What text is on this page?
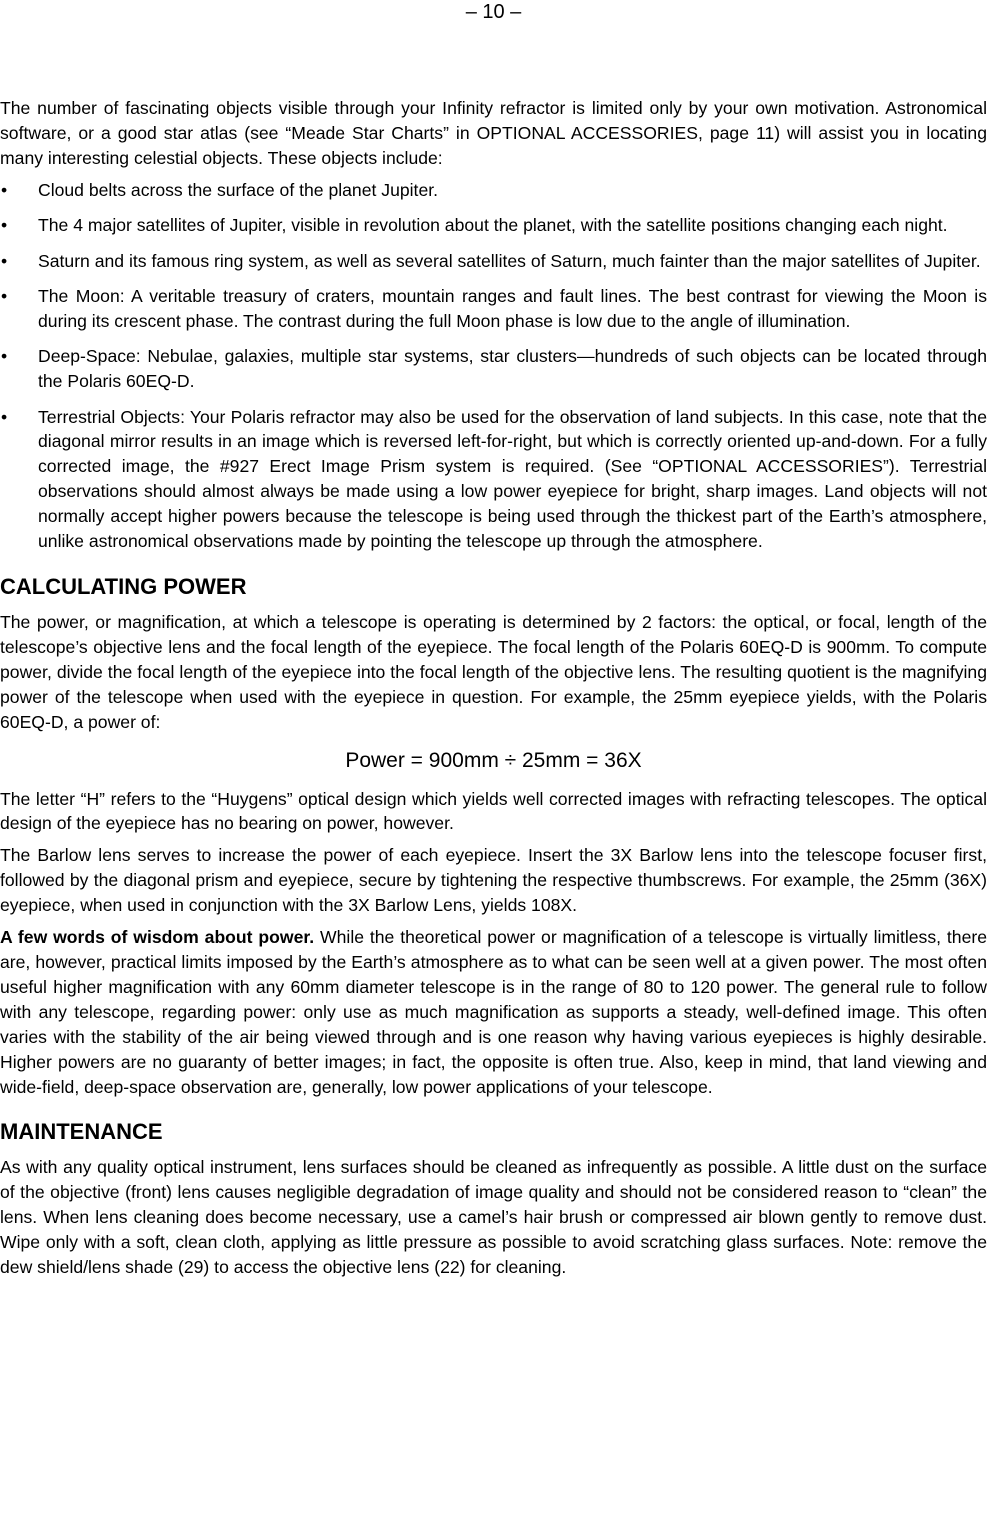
– 10 –

The number of fascinating objects visible through your Infinity refractor is limited only by your own motivation. Astronomical software, or a good star atlas (see “Meade Star Charts” in OPTIONAL ACCESSORIES, page 11) will assist you in locating many interesting celestial objects. These objects include:

• Cloud belts across the surface of the planet Jupiter.
• The 4 major satellites of Jupiter, visible in revolution about the planet, with the satellite positions changing each night.
• Saturn and its famous ring system, as well as several satellites of Saturn, much fainter than the major satellites of Jupiter.
• The Moon: A veritable treasury of craters, mountain ranges and fault lines. The best contrast for viewing the Moon is during its crescent phase. The contrast during the full Moon phase is low due to the angle of illumination.
• Deep-Space: Nebulae, galaxies, multiple star systems, star clusters—hundreds of such objects can be located through the Polaris 60EQ-D.
• Terrestrial Objects: Your Polaris refractor may also be used for the observation of land subjects. In this case, note that the diagonal mirror results in an image which is reversed left-for-right, but which is correctly oriented up-and-down. For a fully corrected image, the #927 Erect Image Prism system is required. (See “OPTIONAL ACCESSORIES”). Terrestrial observations should almost always be made using a low power eyepiece for bright, sharp images. Land objects will not normally accept higher powers because the telescope is being used through the thickest part of the Earth’s atmosphere, unlike astronomical observations made by pointing the telescope up through the atmosphere.
CALCULATING POWER

The power, or magnification, at which a telescope is operating is determined by 2 factors: the optical, or focal, length of the telescope’s objective lens and the focal length of the eyepiece. The focal length of the Polaris 60EQ-D is 900mm. To compute power, divide the focal length of the eyepiece into the focal length of the objective lens. The resulting quotient is the magnifying power of the telescope when used with the eyepiece in question. For example, the 25mm eyepiece yields, with the Polaris 60EQ-D, a power of:

Power = 900mm ÷ 25mm = 36X

The letter “H” refers to the “Huygens” optical design which yields well corrected images with refracting telescopes. The optical design of the eyepiece has no bearing on power, however.

The Barlow lens serves to increase the power of each eyepiece. Insert the 3X Barlow lens into the telescope focuser first, followed by the diagonal prism and eyepiece, secure by tightening the respective thumbscrews. For example, the 25mm (36X) eyepiece, when used in conjunction with the 3X Barlow Lens, yields 108X.

A few words of wisdom about power. While the theoretical power or magnification of a telescope is virtually limitless, there are, however, practical limits imposed by the Earth’s atmosphere as to what can be seen well at a given power. The most often useful higher magnification with any 60mm diameter telescope is in the range of 80 to 120 power. The general rule to follow with any telescope, regarding power: only use as much magnification as supports a steady, well-defined image. This often varies with the stability of the air being viewed through and is one reason why having various eyepieces is highly desirable. Higher powers are no guaranty of better images; in fact, the opposite is often true. Also, keep in mind, that land viewing and wide-field, deep-space observation are, generally, low power applications of your telescope.

MAINTENANCE

As with any quality optical instrument, lens surfaces should be cleaned as infrequently as possible. A little dust on the surface of the objective (front) lens causes negligible degradation of image quality and should not be considered reason to “clean” the lens. When lens cleaning does become necessary, use a camel’s hair brush or compressed air blown gently to remove dust. Wipe only with a soft, clean cloth, applying as little pressure as possible to avoid scratching glass surfaces. Note: remove the dew shield/lens shade (29) to access the objective lens (22) for cleaning.
